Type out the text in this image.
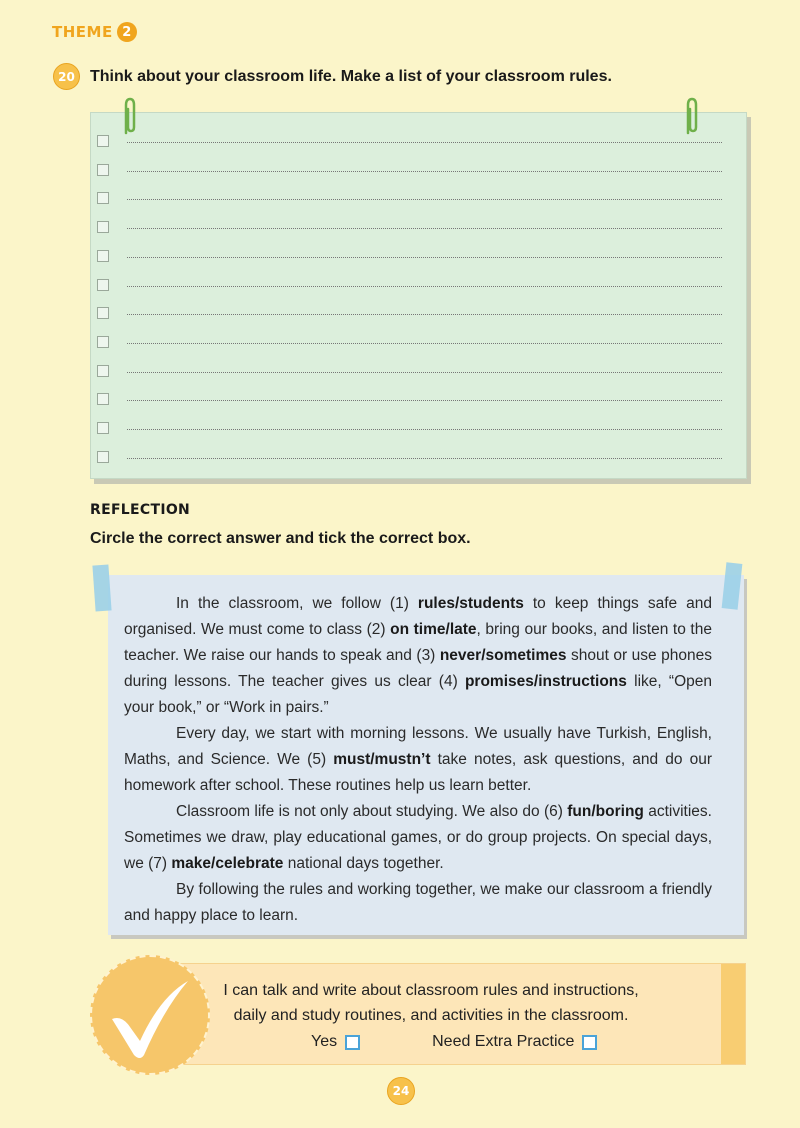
THEME 2
20 Think about your classroom life. Make a list of your classroom rules.
REFLECTION
Circle the correct answer and tick the correct box.

In the classroom, we follow (1) rules/students to keep things safe and organised. We must come to class (2) on time/late, bring our books, and listen to the teacher. We raise our hands to speak and (3) never/sometimes shout or use phones during lessons. The teacher gives us clear (4) promises/instructions like, “Open your book,” or “Work in pairs.”

Every day, we start with morning lessons. We usually have Turkish, English, Maths, and Science. We (5) must/mustn’t take notes, ask questions, and do our homework after school. These routines help us learn better.

Classroom life is not only about studying. We also do (6) fun/boring activities. Sometimes we draw, play educational games, or do group projects. On special days, we (7) make/celebrate national days together.

By following the rules and working together, we make our classroom a friendly and happy place to learn.

I can talk and write about classroom rules and instructions,
daily and study routines, and activities in the classroom.
Yes	Need Extra Practice
24
